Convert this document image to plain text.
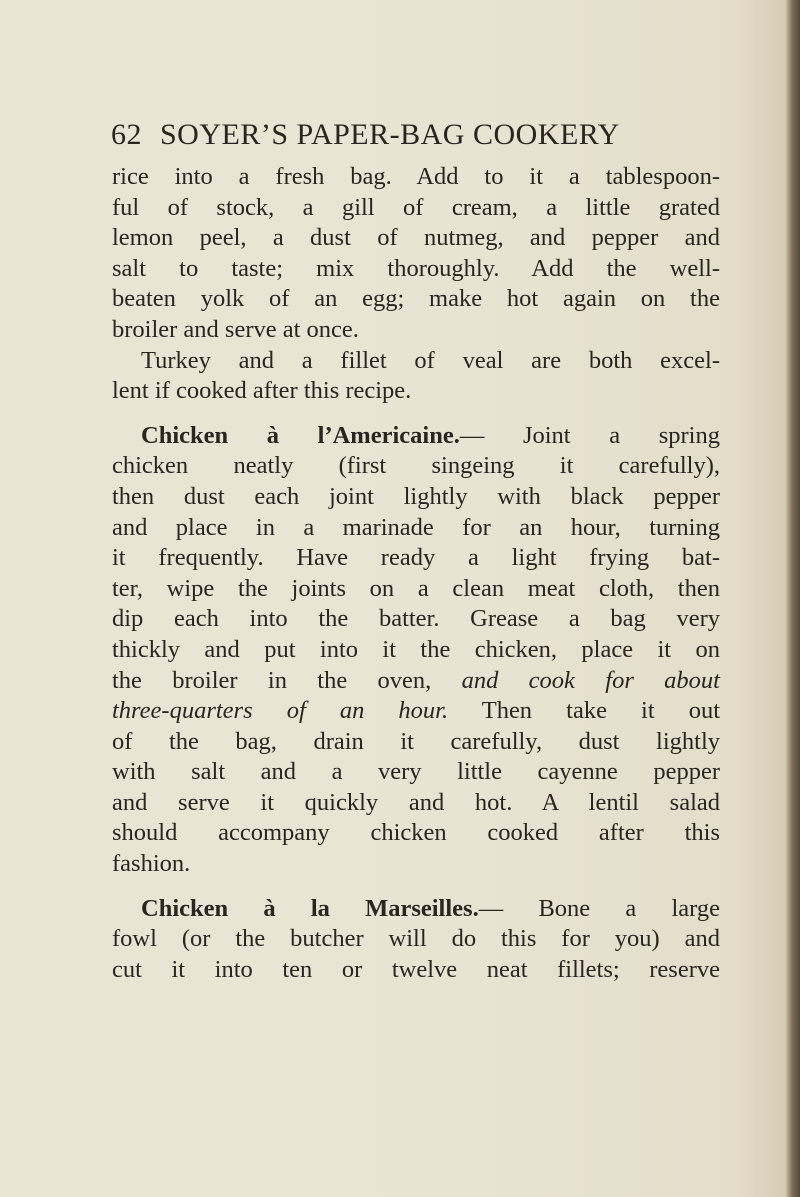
62 SOYER’S PAPER-BAG COOKERY
rice into a fresh bag. Add to it a tablespoon-
ful of stock, a gill of cream, a little grated
lemon peel, a dust of nutmeg, and pepper and
salt to taste; mix thoroughly. Add the well-
beaten yolk of an egg; make hot again on the
broiler and serve at once.
Turkey and a fillet of veal are both excel-
lent if cooked after this recipe.
Chicken à l’Americaine.— Joint a spring
chicken neatly (first singeing it carefully),
then dust each joint lightly with black pepper
and place in a marinade for an hour, turning
it frequently. Have ready a light frying bat-
ter, wipe the joints on a clean meat cloth, then
dip each into the batter. Grease a bag very
thickly and put into it the chicken, place it on
the broiler in the oven, and cook for about
three-quarters of an hour. Then take it out
of the bag, drain it carefully, dust lightly
with salt and a very little cayenne pepper
and serve it quickly and hot. A lentil salad
should accompany chicken cooked after this
fashion.
Chicken à la Marseilles.— Bone a large
fowl (or the butcher will do this for you) and
cut it into ten or twelve neat fillets; reserve
